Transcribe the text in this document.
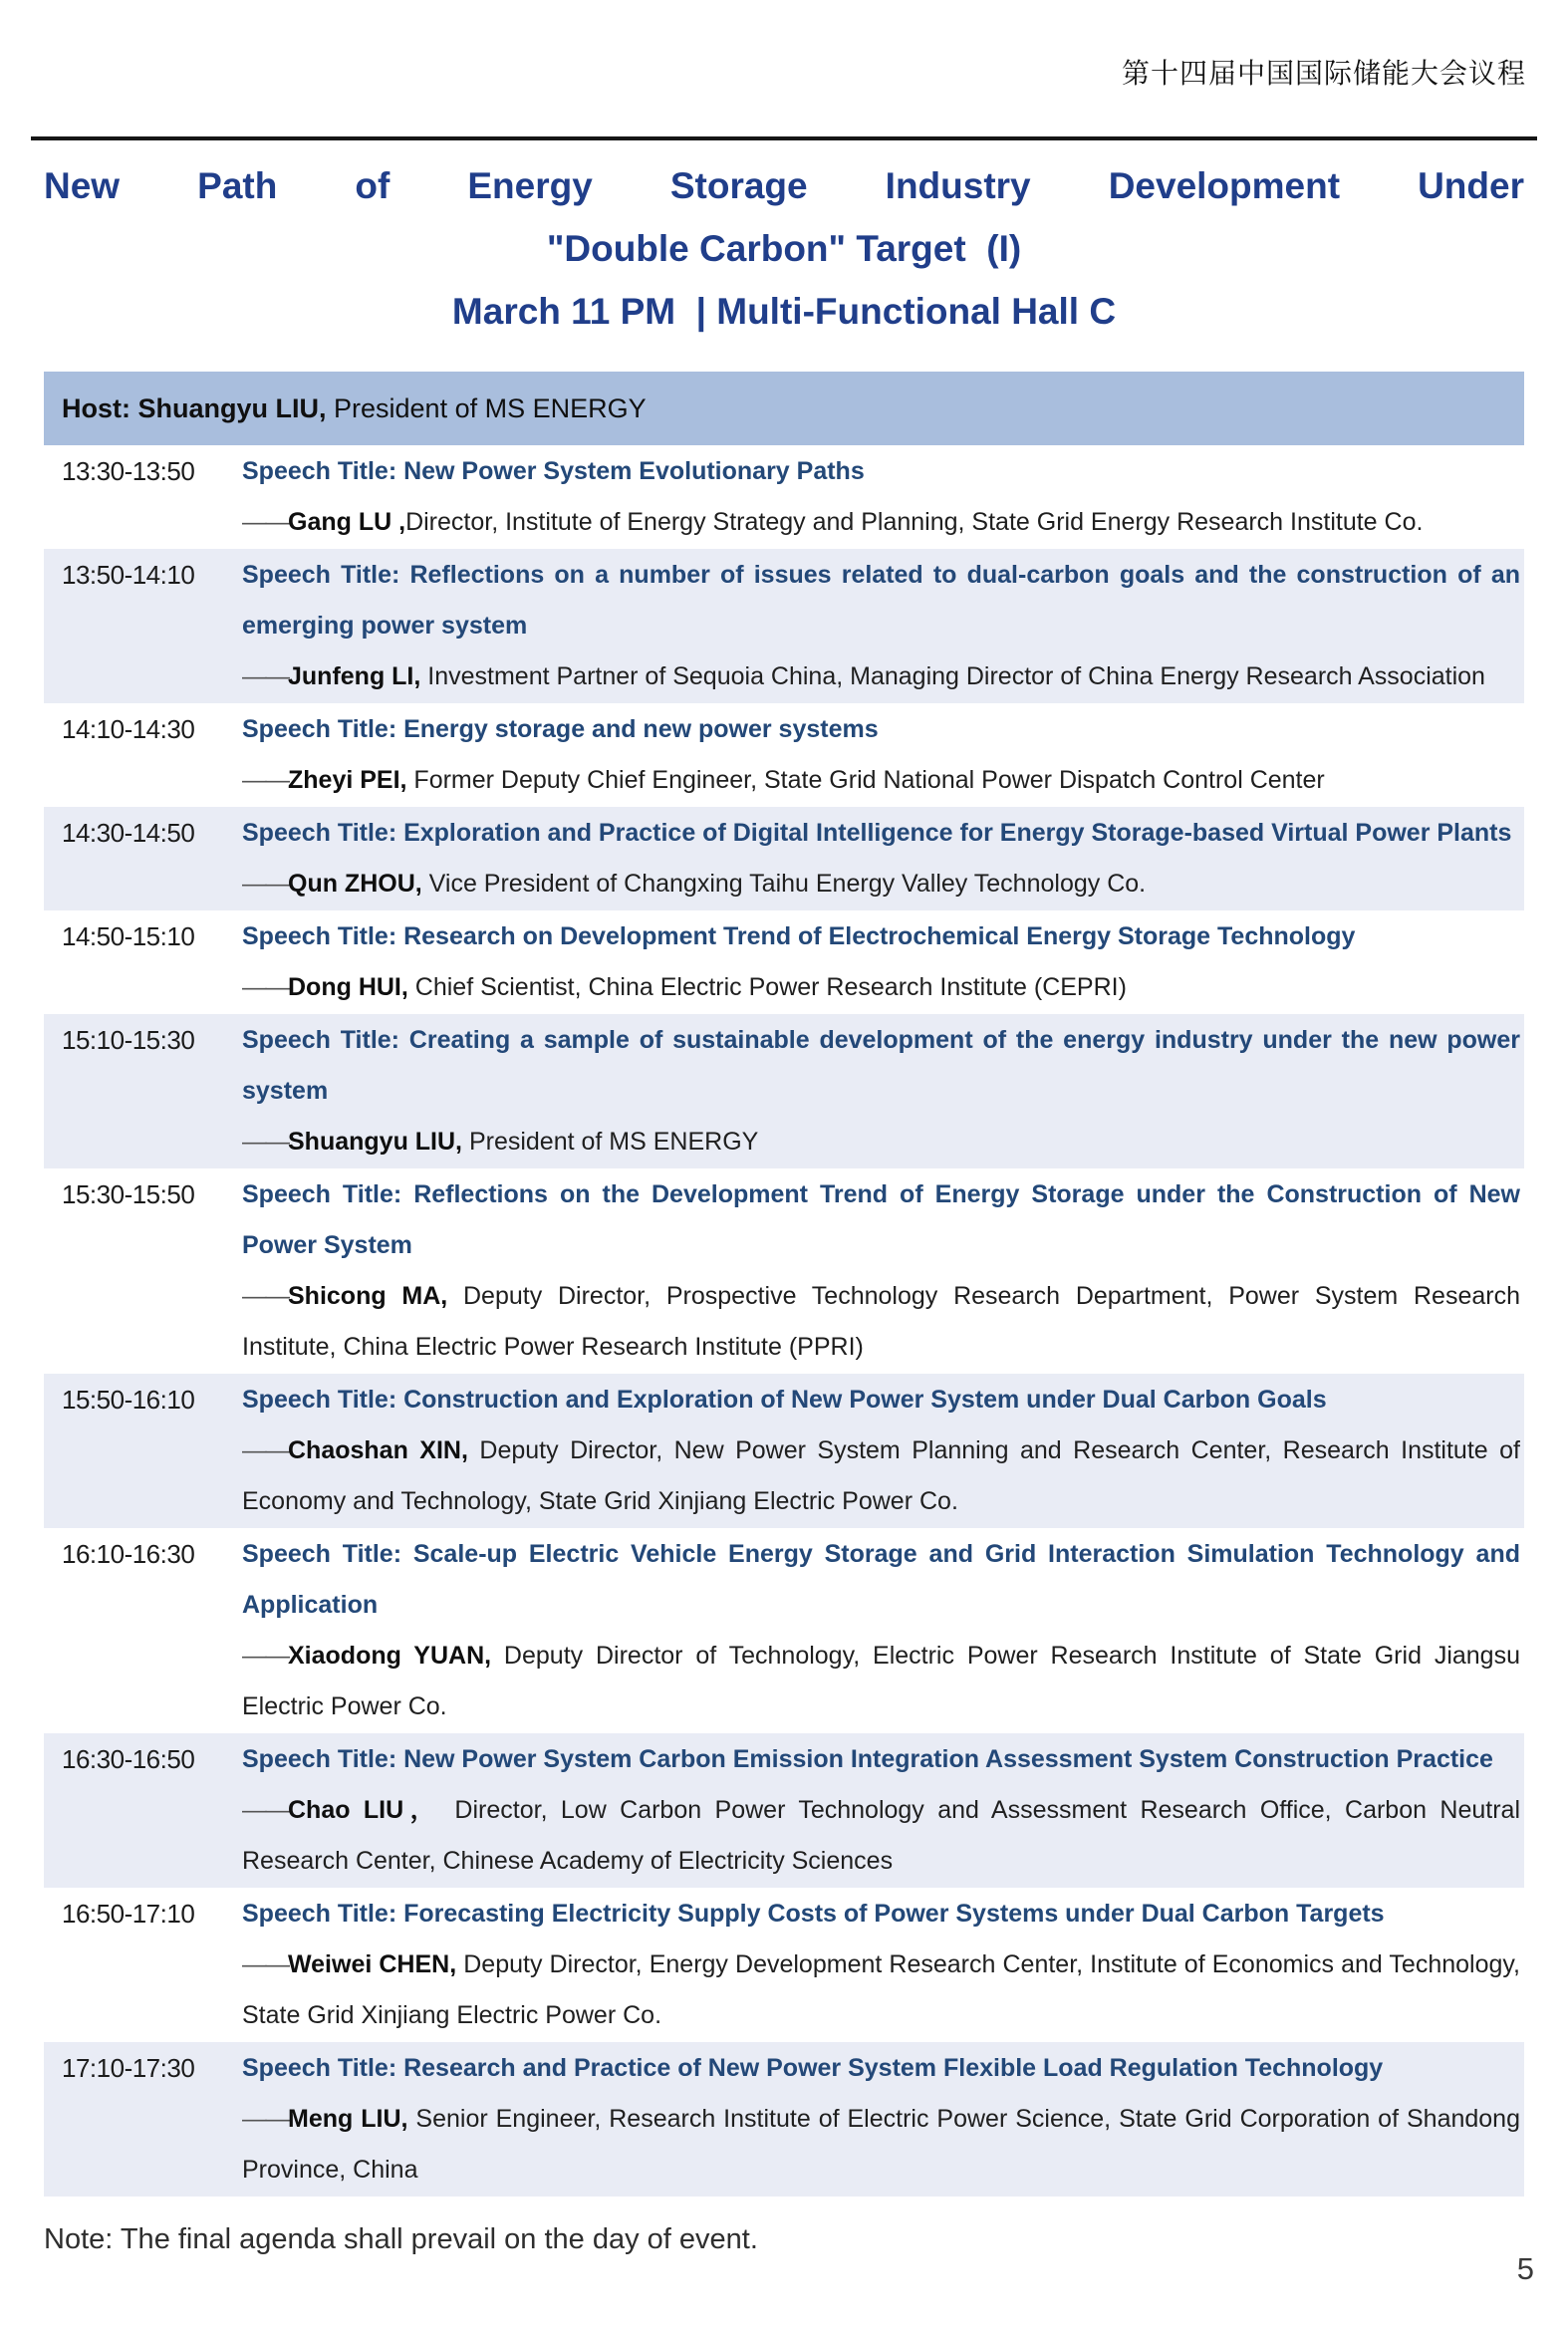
第十四届中国国际储能大会议程
New Path of Energy Storage Industry Development Under
"Double Carbon" Target  (I)
March 11 PM  | Multi-Functional Hall C
Host: Shuangyu LIU, President of MS ENERGY
13:30-13:50	Speech Title: New Power System Evolutionary Paths

——Gang LU ,Director, Institute of Energy Strategy and Planning, State Grid Energy Research Institute Co.

13:50-14:10	Speech Title: Reflections on a number of issues related to dual-carbon goals and the construction of an emerging power system

——Junfeng LI, Investment Partner of Sequoia China, Managing Director of China Energy Research Association

14:10-14:30	Speech Title: Energy storage and new power systems

——Zheyi PEI, Former Deputy Chief Engineer, State Grid National Power Dispatch Control Center

14:30-14:50	Speech Title: Exploration and Practice of Digital Intelligence for Energy Storage-based Virtual Power Plants

——Qun ZHOU, Vice President of Changxing Taihu Energy Valley Technology Co.

14:50-15:10	Speech Title: Research on Development Trend of Electrochemical Energy Storage Technology

——Dong HUI, Chief Scientist, China Electric Power Research Institute (CEPRI)

15:10-15:30	Speech Title: Creating a sample of sustainable development of the energy industry under the new power system

——Shuangyu LIU, President of MS ENERGY

15:30-15:50	Speech Title: Reflections on the Development Trend of Energy Storage under the Construction of New Power System

——Shicong MA, Deputy Director, Prospective Technology Research Department, Power System Research Institute, China Electric Power Research Institute (PPRI)

15:50-16:10	Speech Title: Construction and Exploration of New Power System under Dual Carbon Goals

——Chaoshan XIN, Deputy Director, New Power System Planning and Research Center, Research Institute of Economy and Technology, State Grid Xinjiang Electric Power Co.

16:10-16:30	Speech Title: Scale-up Electric Vehicle Energy Storage and Grid Interaction Simulation Technology and Application

——Xiaodong YUAN, Deputy Director of Technology, Electric Power Research Institute of State Grid Jiangsu Electric Power Co.

16:30-16:50	Speech Title: New Power System Carbon Emission Integration Assessment System Construction Practice

——Chao LIU， Director, Low Carbon Power Technology and Assessment Research Office, Carbon Neutral Research Center, Chinese Academy of Electricity Sciences

16:50-17:10	Speech Title: Forecasting Electricity Supply Costs of Power Systems under Dual Carbon Targets

——Weiwei CHEN, Deputy Director, Energy Development Research Center, Institute of Economics and Technology, State Grid Xinjiang Electric Power Co.

17:10-17:30	Speech Title: Research and Practice of New Power System Flexible Load Regulation Technology

——Meng LIU, Senior Engineer, Research Institute of Electric Power Science, State Grid Corporation of Shandong Province, China

Note: The final agenda shall prevail on the day of event.
5
